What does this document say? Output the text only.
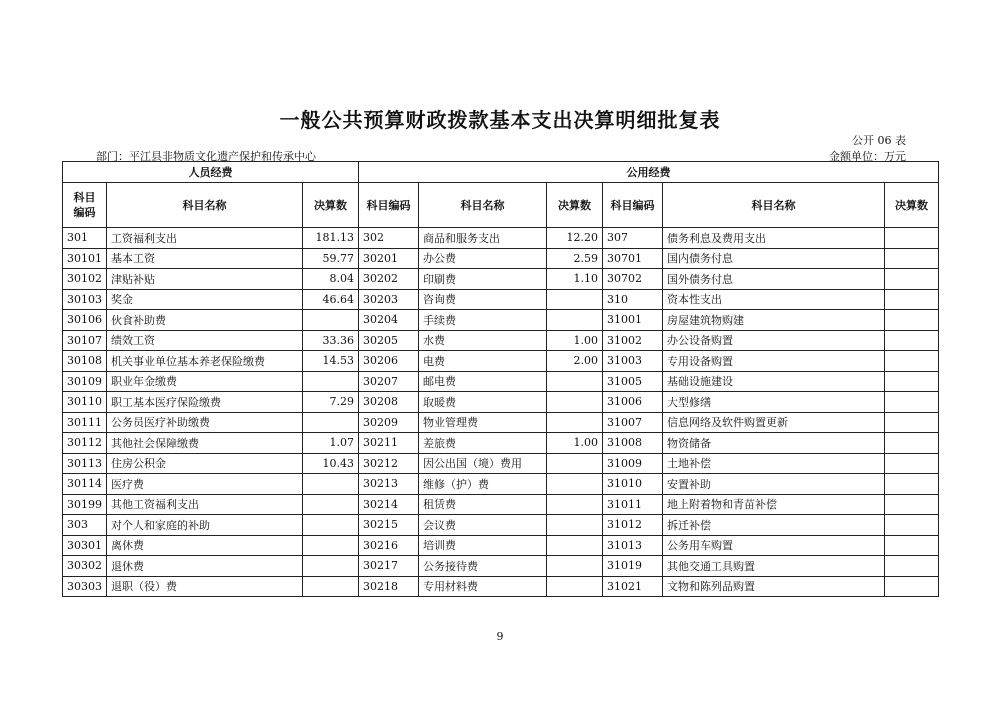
一般公共预算财政拨款基本支出决算明细批复表
公开 06 表
部门：平江县非物质文化遗产保护和传承中心	金额单位：万元
人员经费			公用经费					
科目
编码	科目名称	决算数	科目编码	科目名称	决算数	科目编码	科目名称	决算数
301	工资福利支出	181.13	302	商品和服务支出	12.20	307	债务利息及费用支出	
30101	基本工资	59.77	30201	办公费	2.59	30701	国内债务付息	
30102	津贴补贴	8.04	30202	印刷费	1.10	30702	国外债务付息	
30103	奖金	46.64	30203	咨询费		310	资本性支出	
30106	伙食补助费		30204	手续费		31001	房屋建筑物购建	
30107	绩效工资	33.36	30205	水费	1.00	31002	办公设备购置	
30108	机关事业单位基本养老保险缴费	14.53	30206	电费	2.00	31003	专用设备购置	
30109	职业年金缴费		30207	邮电费		31005	基础设施建设	
30110	职工基本医疗保险缴费	7.29	30208	取暖费		31006	大型修缮	
30111	公务员医疗补助缴费		30209	物业管理费		31007	信息网络及软件购置更新	
30112	其他社会保障缴费	1.07	30211	差旅费	1.00	31008	物资储备	
30113	住房公积金	10.43	30212	因公出国（境）费用		31009	土地补偿	
30114	医疗费		30213	维修（护）费		31010	安置补助	
30199	其他工资福利支出		30214	租赁费		31011	地上附着物和青苗补偿	
303	对个人和家庭的补助		30215	会议费		31012	拆迁补偿	
30301	离休费		30216	培训费		31013	公务用车购置	
30302	退休费		30217	公务接待费		31019	其他交通工具购置	
30303	退职（役）费		30218	专用材料费		31021	文物和陈列品购置	
9
